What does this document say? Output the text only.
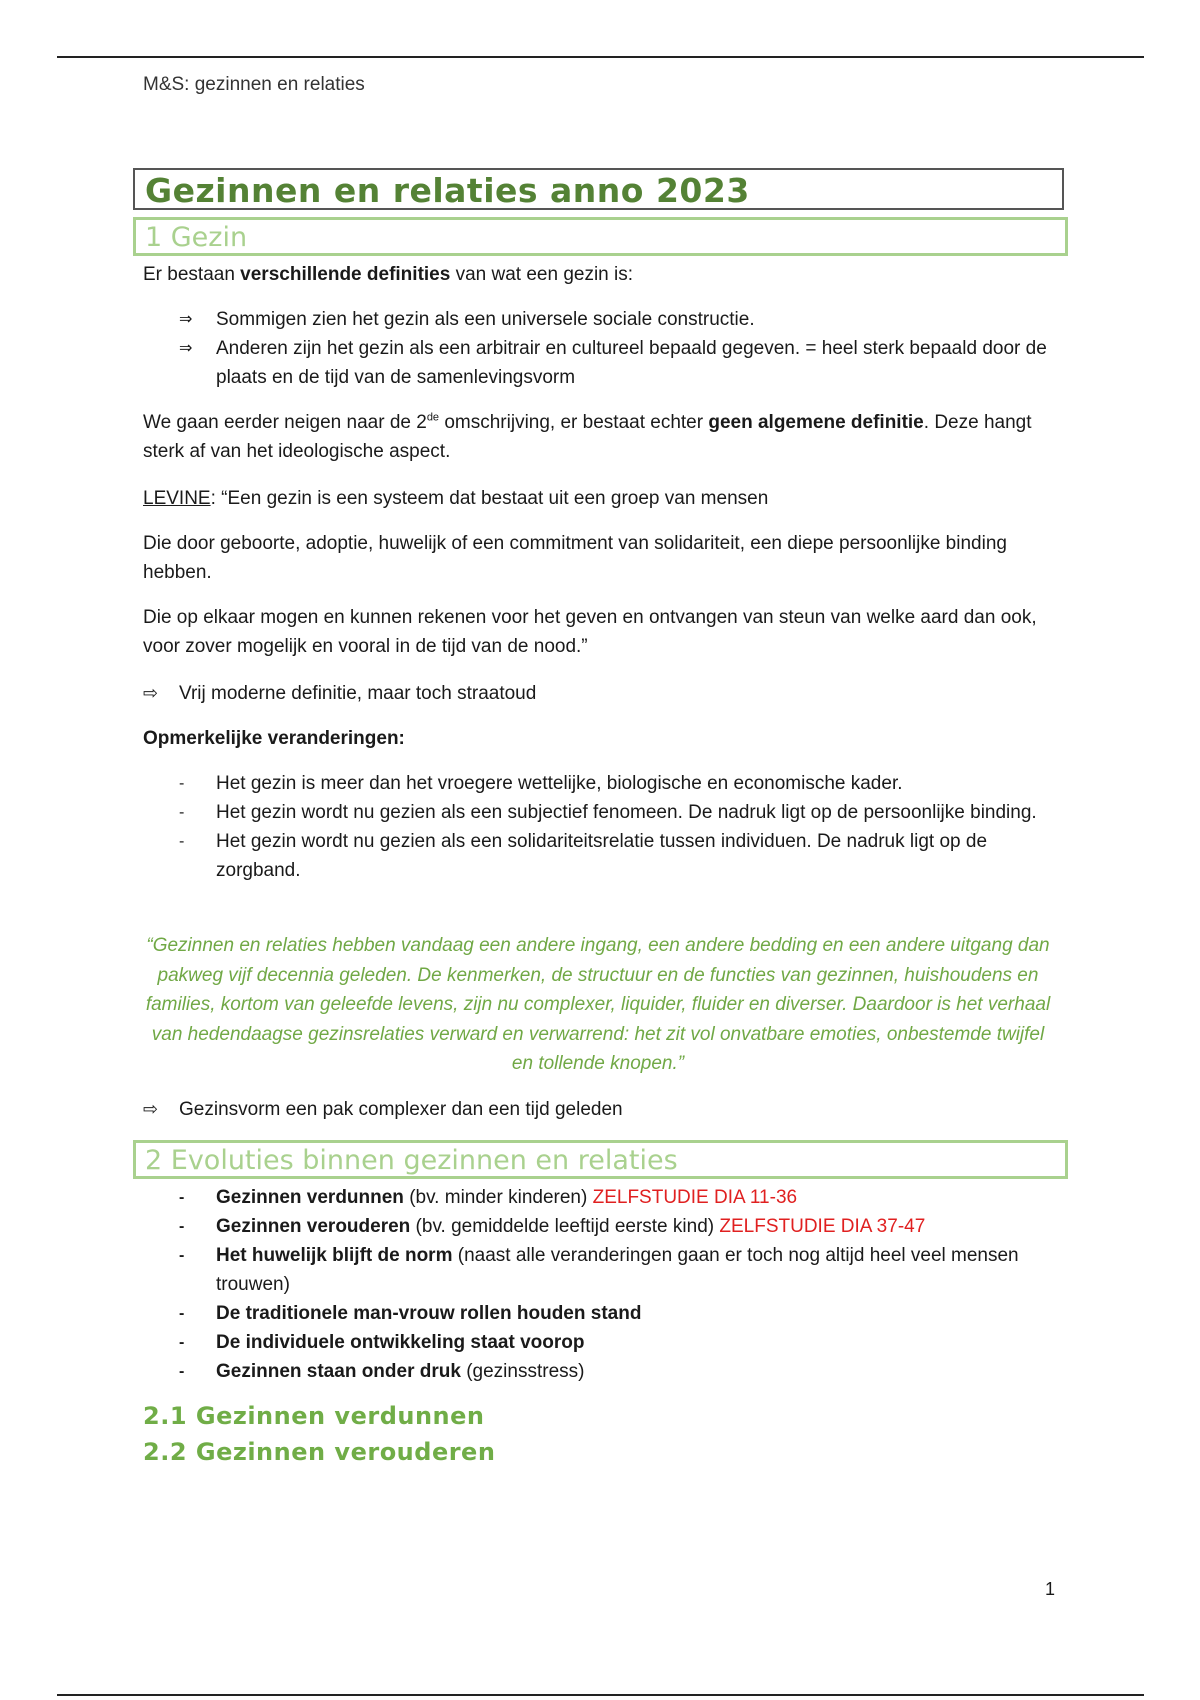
M&S: gezinnen en relaties
Gezinnen en relaties anno 2023
1 Gezin
Er bestaan verschillende definities van wat een gezin is:
⇒	Sommigen zien het gezin als een universele sociale constructie.
⇒	Anderen zijn het gezin als een arbitrair en cultureel bepaald gegeven. = heel sterk bepaald door de plaats en de tijd van de samenlevingsvorm
We gaan eerder neigen naar de 2de omschrijving, er bestaat echter geen algemene definitie. Deze hangt sterk af van het ideologische aspect.
LEVINE: “Een gezin is een systeem dat bestaat uit een groep van mensen
Die door geboorte, adoptie, huwelijk of een commitment van solidariteit, een diepe persoonlijke binding hebben.
Die op elkaar mogen en kunnen rekenen voor het geven en ontvangen van steun van welke aard dan ook, voor zover mogelijk en vooral in de tijd van de nood.”
⇨ Vrij moderne definitie, maar toch straatoud
Opmerkelijke veranderingen:
-	Het gezin is meer dan het vroegere wettelijke, biologische en economische kader.
-	Het gezin wordt nu gezien als een subjectief fenomeen. De nadruk ligt op de persoonlijke binding.
-	Het gezin wordt nu gezien als een solidariteitsrelatie tussen individuen. De nadruk ligt op de zorgband.
“Gezinnen en relaties hebben vandaag een andere ingang, een andere bedding en een andere uitgang dan pakweg vijf decennia geleden. De kenmerken, de structuur en de functies van gezinnen, huishoudens en families, kortom van geleefde levens, zijn nu complexer, liquider, fluider en diverser. Daardoor is het verhaal van hedendaagse gezinsrelaties verward en verwarrend: het zit vol onvatbare emoties, onbestemde twijfel en tollende knopen.”
⇨ Gezinsvorm een pak complexer dan een tijd geleden
2 Evoluties binnen gezinnen en relaties
-	Gezinnen verdunnen (bv. minder kinderen) ZELFSTUDIE DIA 11-36
-	Gezinnen verouderen (bv. gemiddelde leeftijd eerste kind) ZELFSTUDIE DIA 37-47
-	Het huwelijk blijft de norm (naast alle veranderingen gaan er toch nog altijd heel veel mensen trouwen)
-	De traditionele man-vrouw rollen houden stand
-	De individuele ontwikkeling staat voorop
-	Gezinnen staan onder druk (gezinsstress)
2.1 Gezinnen verdunnen
2.2 Gezinnen verouderen
1
